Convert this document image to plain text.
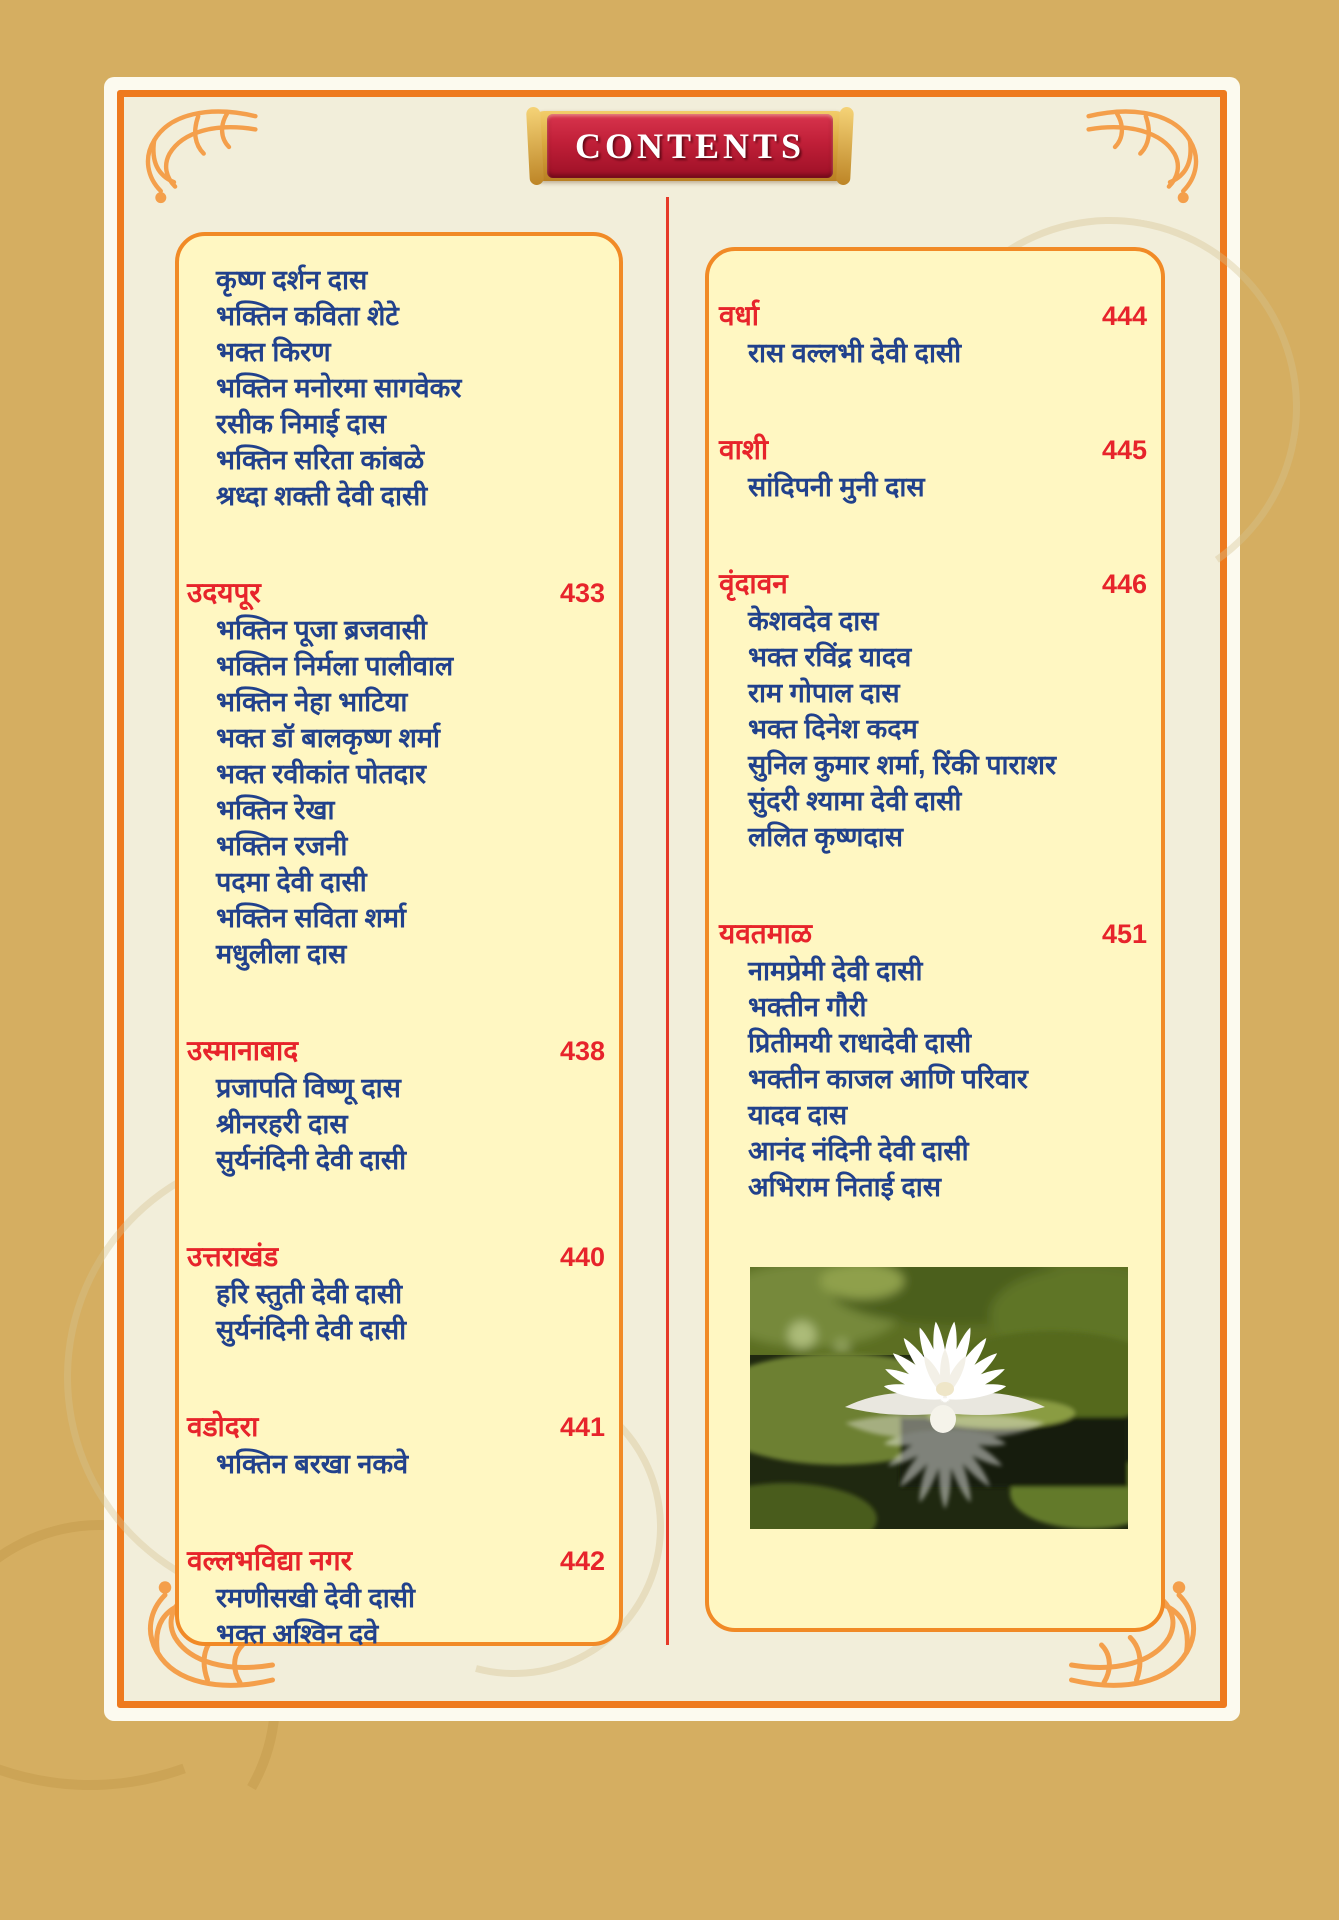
CONTENTS
कृष्ण दर्शन दास
भक्तिन कविता शेटे
भक्त किरण
भक्तिन मनोरमा सागवेकर
रसीक निमाई दास
भक्तिन सरिता कांबळे
श्रध्दा शक्ती देवी दासी
उदयपूर	433
भक्तिन पूजा ब्रजवासी
भक्तिन निर्मला पालीवाल
भक्तिन नेहा भाटिया
भक्त डॉ बालकृष्ण शर्मा
भक्त रवीकांत पोतदार
भक्तिन रेखा
भक्तिन रजनी
पदमा देवी दासी
भक्तिन सविता शर्मा
मधुलीला दास
उस्मानाबाद	438
प्रजापति विष्णू दास
श्रीनरहरी दास
सुर्यनंदिनी देवी दासी
उत्तराखंड	440
हरि स्तुती देवी दासी
सुर्यनंदिनी देवी दासी
वडोदरा	441
भक्तिन बरखा नकवे
वल्लभविद्या नगर	442
रमणीसखी देवी दासी
भक्त अश्विन दवे
वर्धा	444
रास वल्लभी देवी दासी
वाशी	445
सांदिपनी मुनी दास
वृंदावन	446
केशवदेव दास
भक्त रविंद्र यादव
राम गोपाल दास
भक्त दिनेश कदम
सुनिल कुमार शर्मा, रिंकी पाराशर
सुंदरी श्यामा देवी दासी
ललित कृष्णदास
यवतमाळ	451
नामप्रेमी देवी दासी
भक्तीन गौरी
प्रितीमयी राधादेवी दासी
भक्तीन काजल आणि परिवार
यादव दास
आनंद नंदिनी देवी दासी
अभिराम निताई दास
